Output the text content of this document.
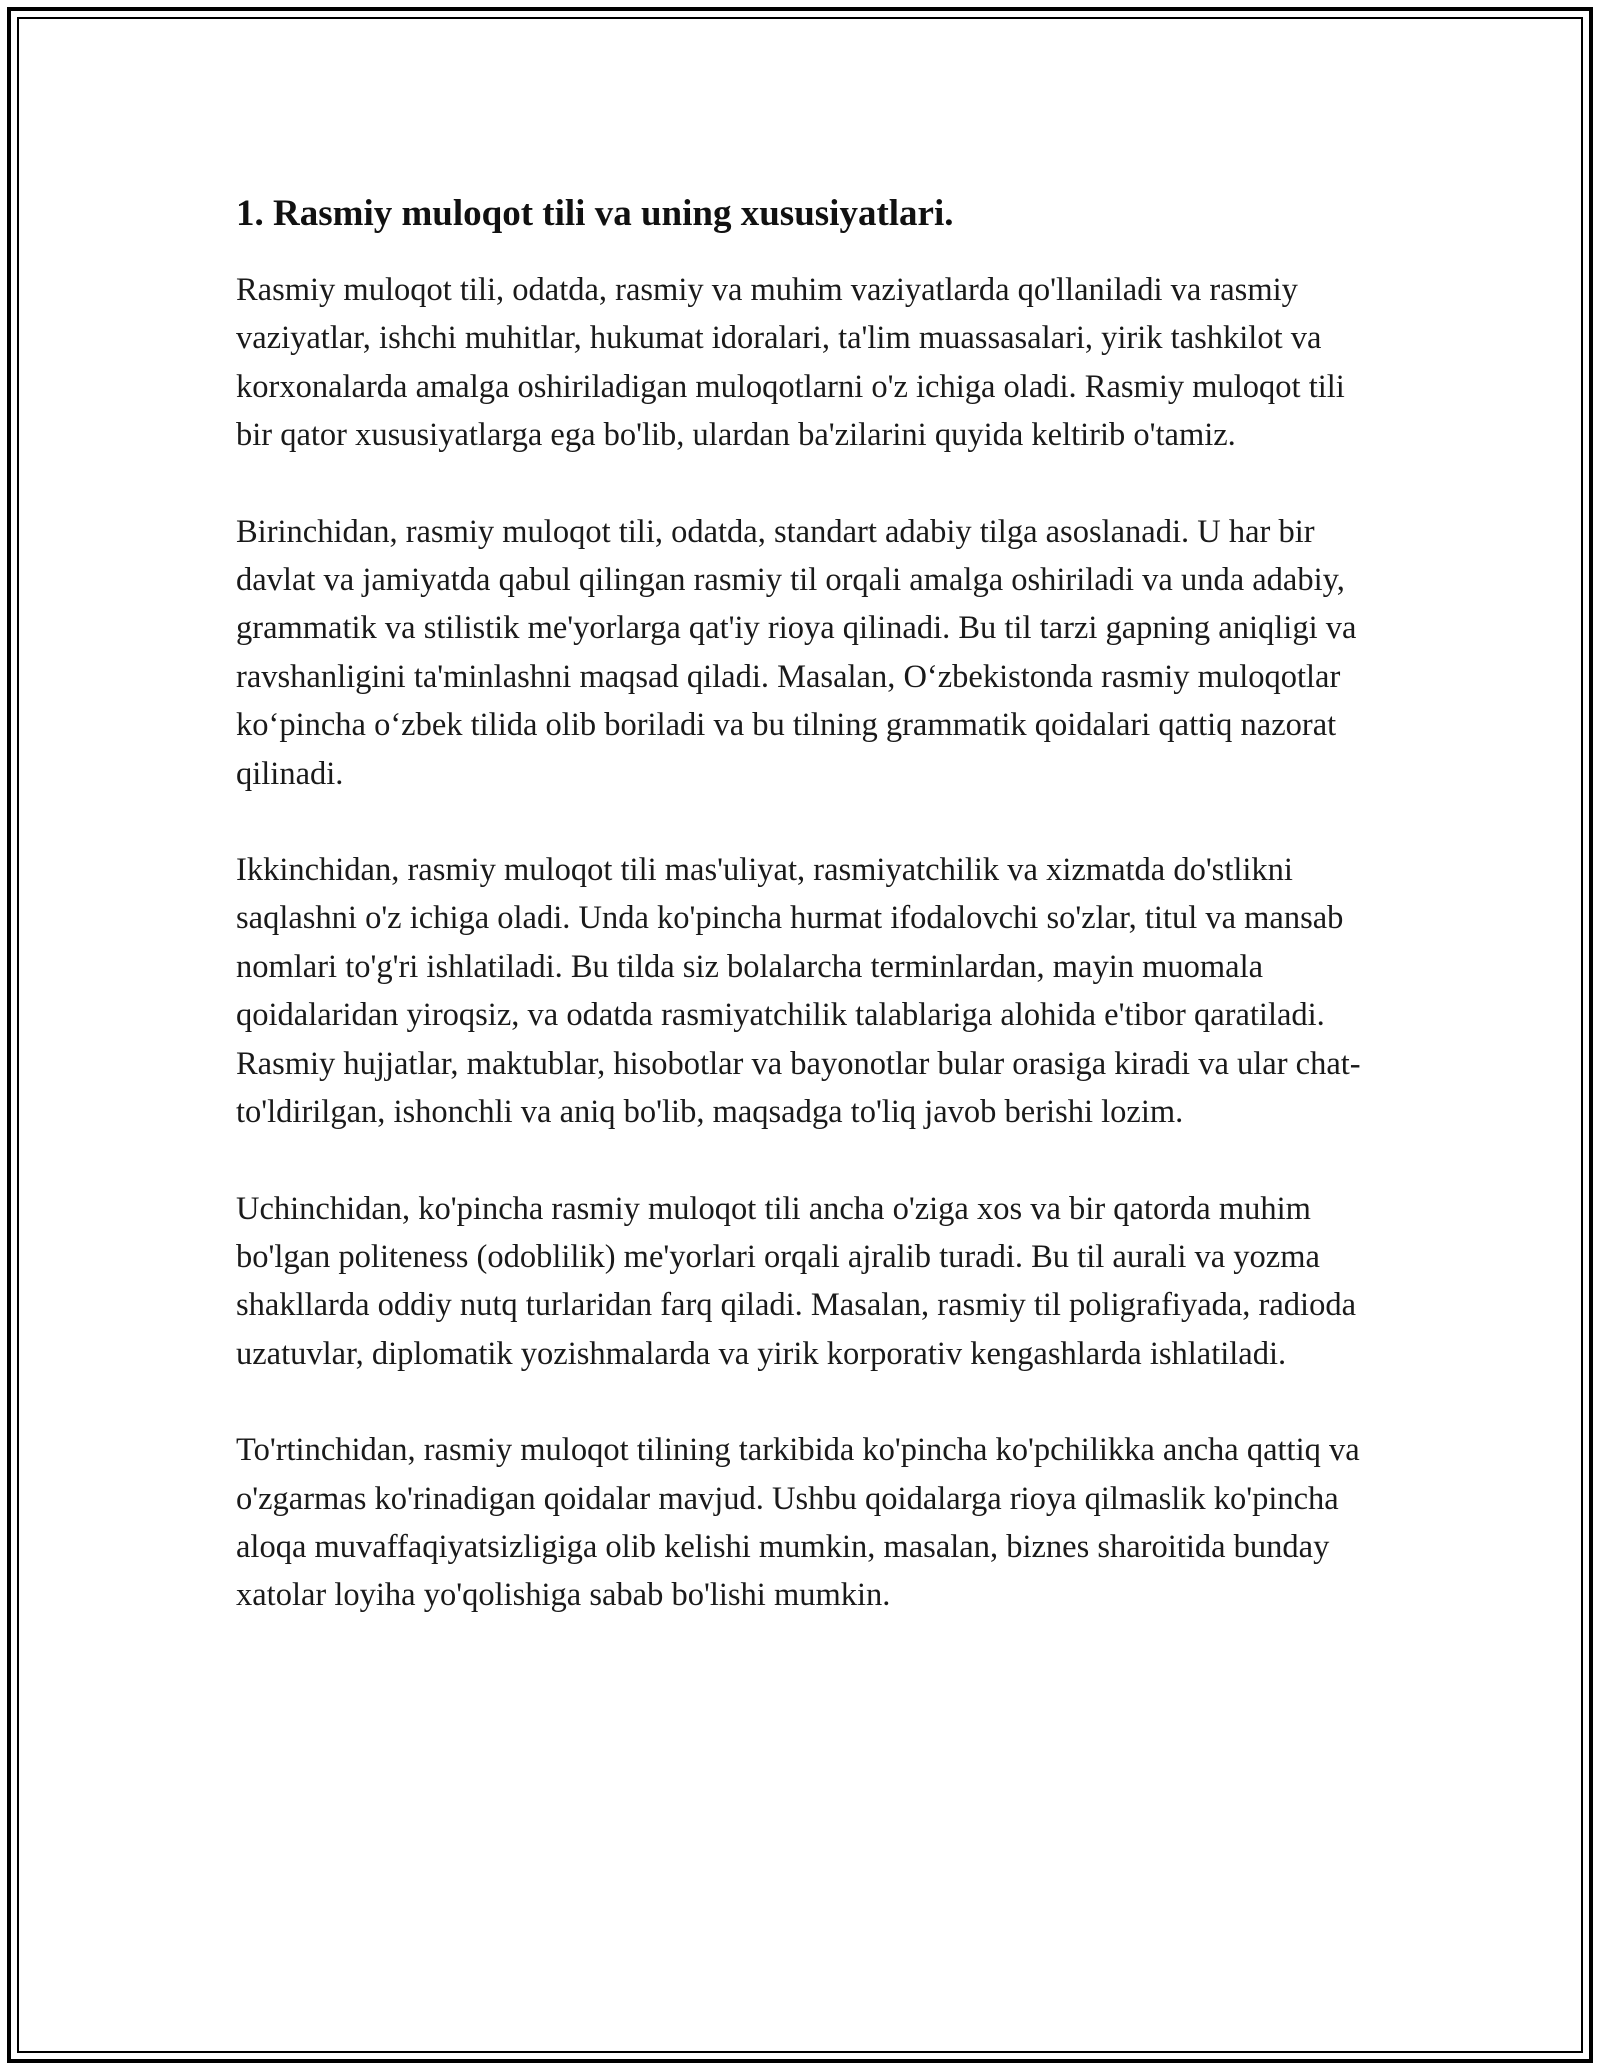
1. Rasmiy muloqot tili va uning xususiyatlari.

Rasmiy muloqot tili, odatda, rasmiy va muhim vaziyatlarda qo'llaniladi va rasmiy vaziyatlar, ishchi muhitlar, hukumat idoralari, ta'lim muassasalari, yirik tashkilot va korxonalarda amalga oshiriladigan muloqotlarni o'z ichiga oladi. Rasmiy muloqot tili bir qator xususiyatlarga ega bo'lib, ulardan ba'zilarini quyida keltirib o'tamiz.

Birinchidan, rasmiy muloqot tili, odatda, standart adabiy tilga asoslanadi. U har bir davlat va jamiyatda qabul qilingan rasmiy til orqali amalga oshiriladi va unda adabiy, grammatik va stilistik me'yorlarga qat'iy rioya qilinadi. Bu til tarzi gapning aniqligi va ravshanligini ta'minlashni maqsad qiladi. Masalan, O‘zbekistonda rasmiy muloqotlar ko‘pincha o‘zbek tilida olib boriladi va bu tilning grammatik qoidalari qattiq nazorat qilinadi.

Ikkinchidan, rasmiy muloqot tili mas'uliyat, rasmiyatchilik va xizmatda do'stlikni saqlashni o'z ichiga oladi. Unda ko'pincha hurmat ifodalovchi so'zlar, titul va mansab nomlari to'g'ri ishlatiladi. Bu tilda siz bolalarcha terminlardan, mayin muomala qoidalaridan yiroqsiz, va odatda rasmiyatchilik talablariga alohida e'tibor qaratiladi. Rasmiy hujjatlar, maktublar, hisobotlar va bayonotlar bular orasiga kiradi va ular chat-to'ldirilgan, ishonchli va aniq bo'lib, maqsadga to'liq javob berishi lozim.

Uchinchidan, ko'pincha rasmiy muloqot tili ancha o'ziga xos va bir qatorda muhim bo'lgan politeness (odoblilik) me'yorlari orqali ajralib turadi. Bu til aurali va yozma shakllarda oddiy nutq turlaridan farq qiladi. Masalan, rasmiy til poligrafiyada, radioda uzatuvlar, diplomatik yozishmalarda va yirik korporativ kengashlarda ishlatiladi.

To'rtinchidan, rasmiy muloqot tilining tarkibida ko'pincha ko'pchilikka ancha qattiq va o'zgarmas ko'rinadigan qoidalar mavjud. Ushbu qoidalarga rioya qilmaslik ko'pincha aloqa muvaffaqiyatsizligiga olib kelishi mumkin, masalan, biznes sharoitida bunday xatolar loyiha yo'qolishiga sabab bo'lishi mumkin.
